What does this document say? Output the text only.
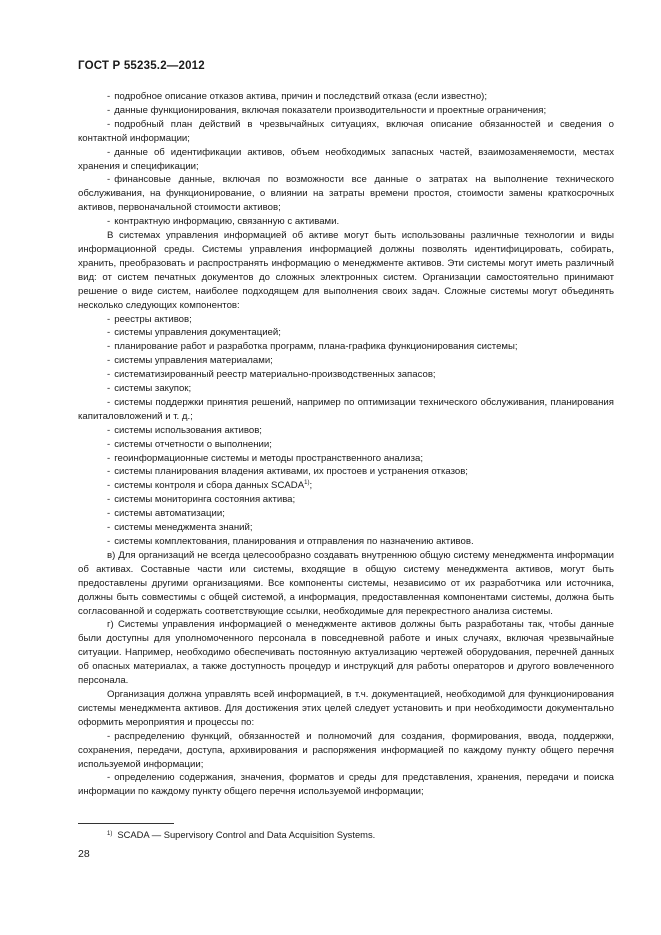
ГОСТ Р 55235.2—2012

- подробное описание отказов актива, причин и последствий отказа (если известно);

- данные функционирования, включая показатели производительности и проектные ограничения;

- подробный план действий в чрезвычайных ситуациях, включая описание обязанностей и сведения о контактной информации;

- данные об идентификации активов, объем необходимых запасных частей, взаимозаменяемости, местах хранения и спецификации;

- финансовые данные, включая по возможности все данные о затратах на выполнение технического обслуживания, на функционирование, о влиянии на затраты времени простоя, стоимости замены краткосрочных активов, первоначальной стоимости активов;

- контрактную информацию, связанную с активами.

В системах управления информацией об активе могут быть использованы различные технологии и виды информационной среды. Системы управления информацией должны позволять идентифицировать, собирать, хранить, преобразовать и распространять информацию о менеджменте активов. Эти системы могут иметь различный вид: от систем печатных документов до сложных электронных систем. Организации самостоятельно принимают решение о виде систем, наиболее подходящем для выполнения своих задач. Сложные системы могут объединять несколько следующих компонентов:

- реестры активов;

- системы управления документацией;

- планирование работ и разработка программ, плана-графика функционирования системы;

- системы управления материалами;

- систематизированный реестр материально-производственных запасов;

- системы закупок;

- системы поддержки принятия решений, например по оптимизации технического обслуживания, планирования капиталовложений и т. д.;

- системы использования активов;

- системы отчетности о выполнении;

- геоинформационные системы и методы пространственного анализа;

- системы планирования владения активами, их простоев и устранения отказов;

- системы контроля и сбора данных SCADA$^{1)}$;

- системы мониторинга состояния актива;

- системы автоматизации;

- системы менеджмента знаний;

- системы комплектования, планирования и отправления по назначению активов.

в) Для организаций не всегда целесообразно создавать внутреннюю общую систему менеджмента информации об активах. Составные части или системы, входящие в общую систему менеджмента активов, могут быть предоставлены другими организациями. Все компоненты системы, независимо от их разработчика или источника, должны быть совместимы с общей системой, а информация, предоставленная компонентами системы, должна быть согласованной и содержать соответствующие ссылки, необходимые для перекрестного анализа системы.

г) Системы управления информацией о менеджменте активов должны быть разработаны так, чтобы данные были доступны для уполномоченного персонала в повседневной работе и иных случаях, включая чрезвычайные ситуации. Например, необходимо обеспечивать постоянную актуализацию чертежей оборудования, перечней данных об опасных материалах, а также доступность процедур и инструкций для работы операторов и другого вовлеченного персонала.

Организация должна управлять всей информацией, в т.ч. документацией, необходимой для функционирования системы менеджмента активов. Для достижения этих целей следует установить и при необходимости документально оформить мероприятия и процессы по:

- распределению функций, обязанностей и полномочий для создания, формирования, ввода, поддержки, сохранения, передачи, доступа, архивирования и распоряжения информацией по каждому пункту общего перечня используемой информации;

- определению содержания, значения, форматов и среды для представления, хранения, передачи и поиска информации по каждому пункту общего перечня используемой информации;

$^{1)}$ SCADA — Supervisory Control and Data Acquisition Systems.
28
